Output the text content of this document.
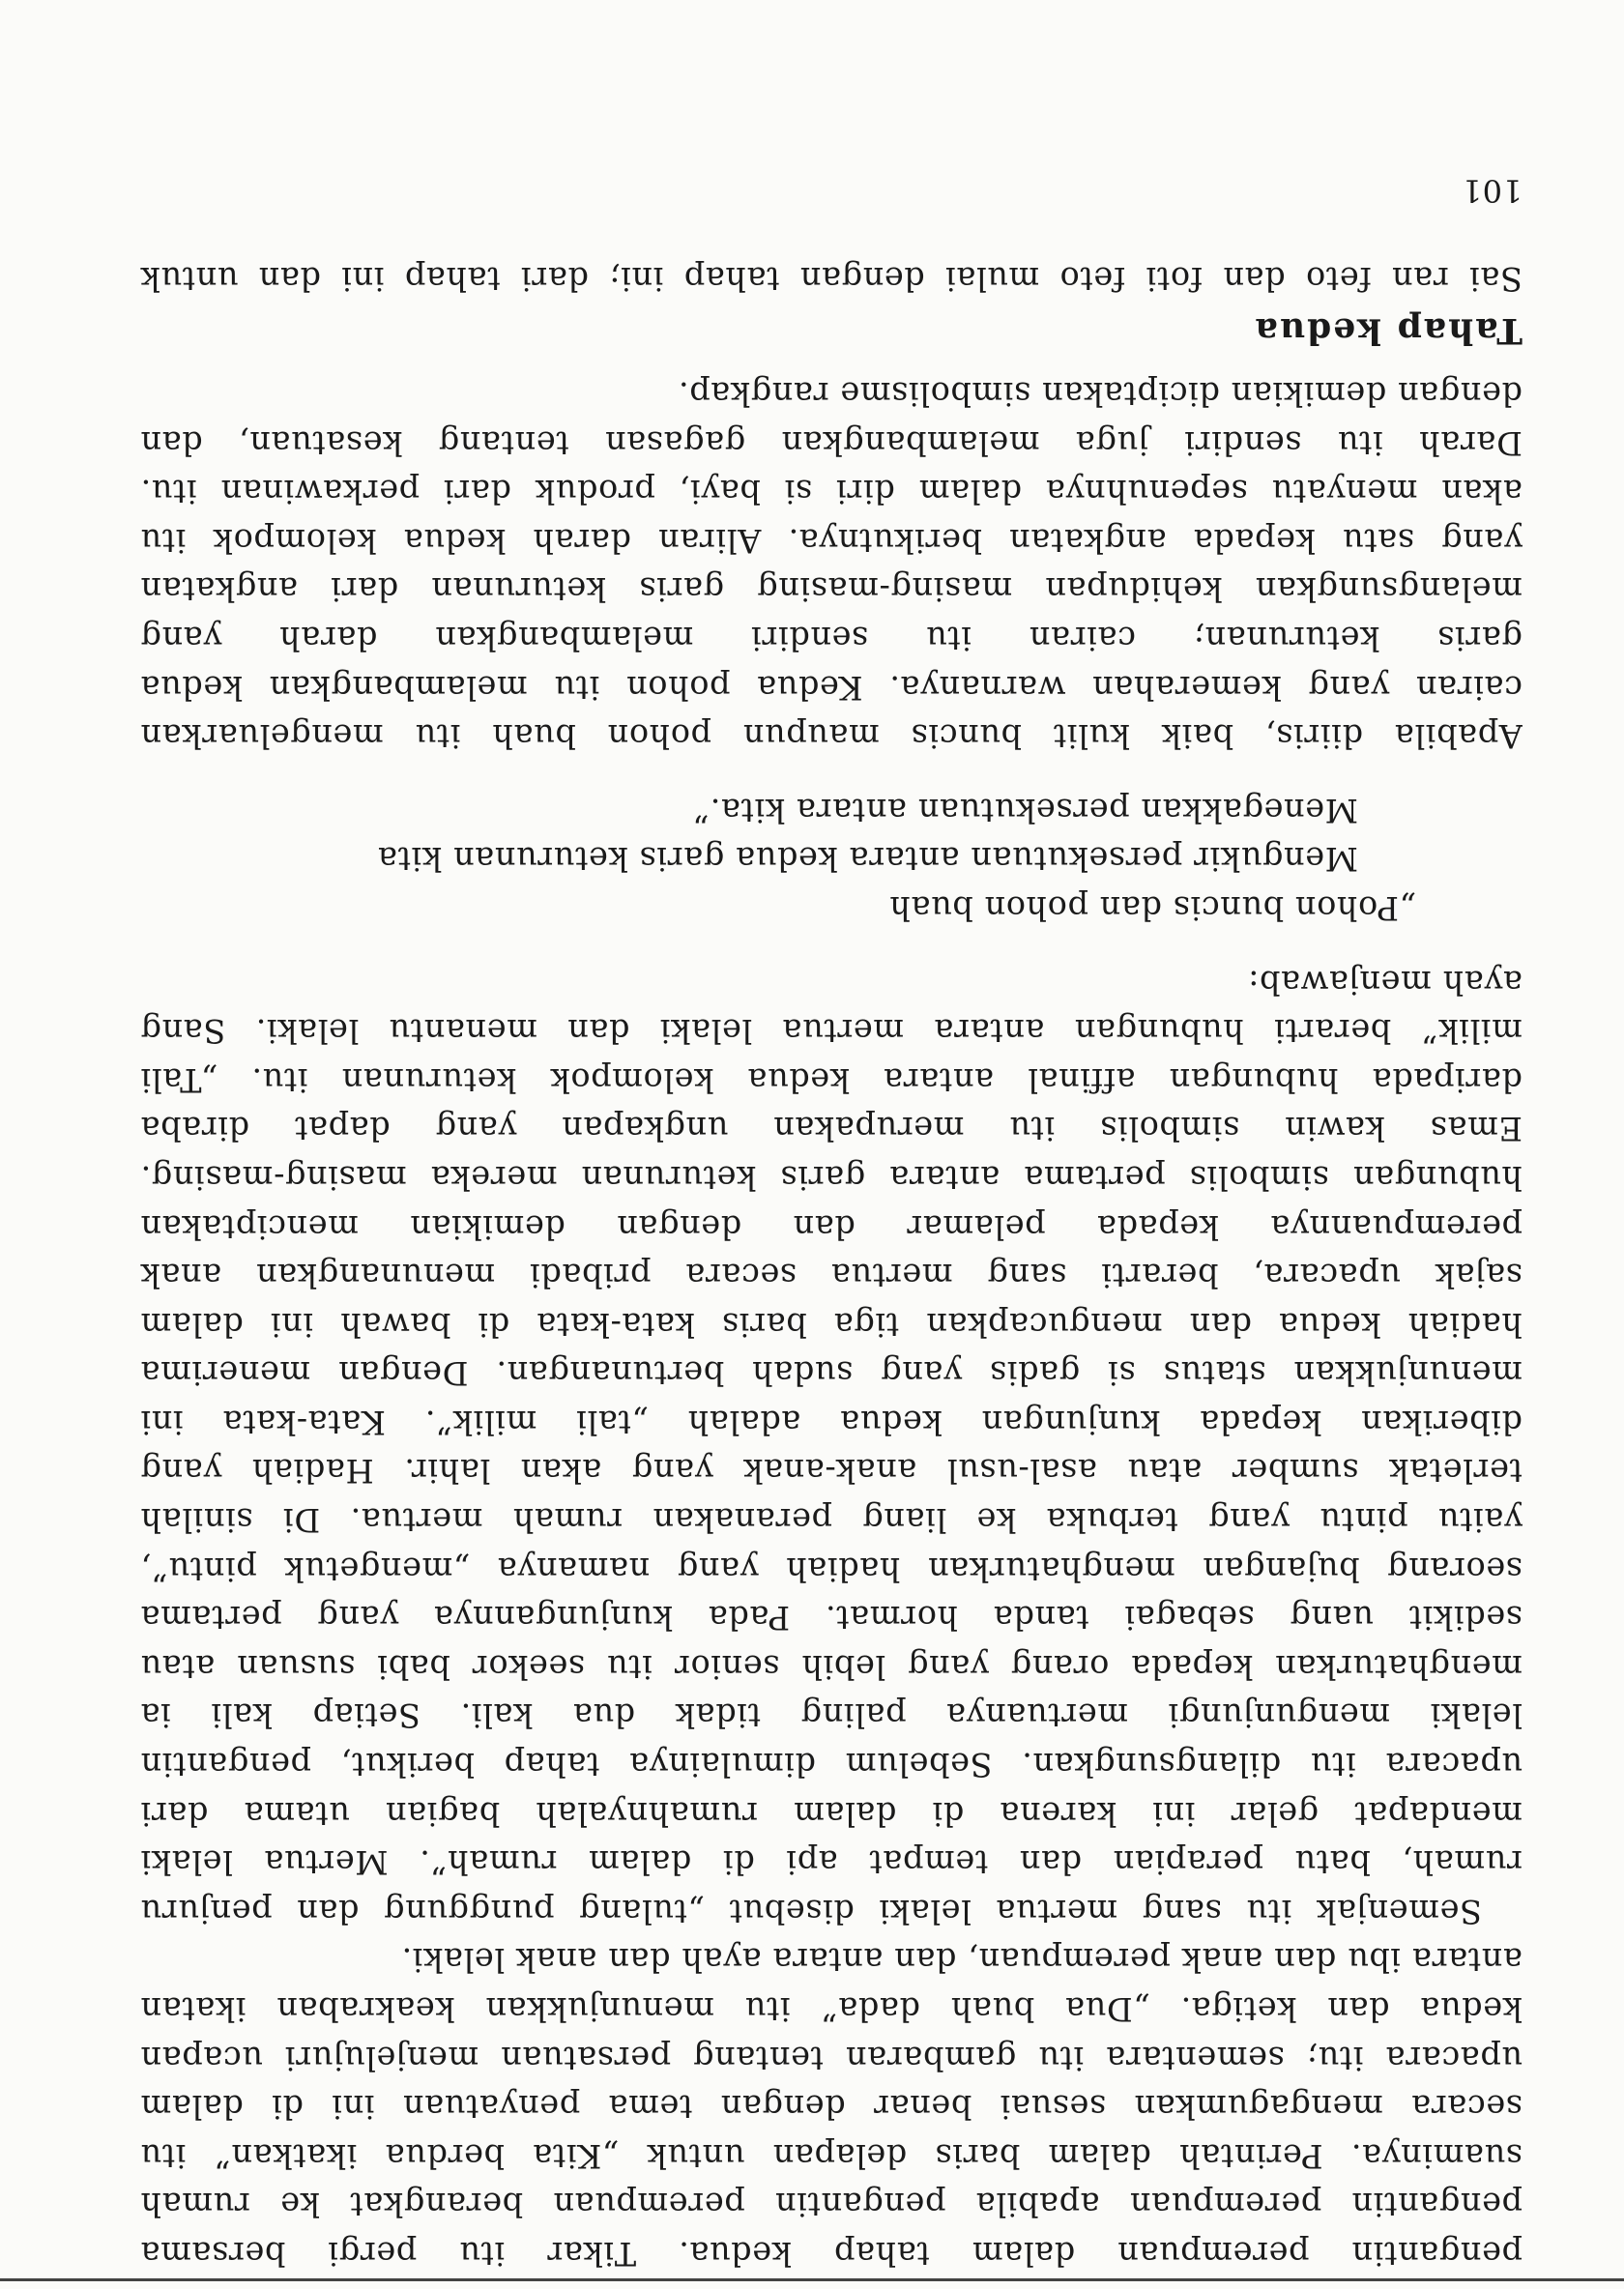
pengantin perempuan dalam tahap kedua. Tikar itu pergi bersama
pengantin perempuan apabila pengantin perempuan berangkat ke rumah
suaminya. Perintah dalam baris delapan untuk „Kita berdua ikatkan” itu
secara mengagumkan sesuai benar dengan tema penyatuan ini di dalam
upacara itu; sementara itu gambaran tentang persatuan menjelujuri ucapan
kedua dan ketiga. „Dua buah dada” itu menunjukkan keakraban ikatan
antara ibu dan anak perempuan, dan antara ayah dan anak lelaki.
Semenjak itu sang mertua lelaki disebut „tulang punggung dan penjuru
rumah, batu perapian dan tempat api di dalam rumah”. Mertua lelaki
mendapat gelar ini karena di dalam rumahnyalah bagian utama dari
upacara itu dilangsungkan. Sebelum dimulainya tahap berikut, pengantin
lelaki mengunjungi mertuanya paling tidak dua kali. Setiap kali ia
menghaturkan kepada orang yang lebih senior itu seekor babi susuan atau
sedikit uang sebagai tanda hormat. Pada kunjungannya yang pertama
seorang bujangan menghaturkan hadiah yang namanya „mengetuk pintu”,
yaitu pintu yang terbuka ke liang peranakan rumah mertua. Di sinilah
terletak sumber atau asal-usul anak-anak yang akan lahir. Hadiah yang
diberikan kepada kunjungan kedua adalah „tali milik”. Kata-kata ini
menunjukkan status si gadis yang sudah bertunangan. Dengan menerima
hadiah kedua dan mengucapkan tiga baris kata-kata di bawah ini dalam
sajak upacara, berarti sang mertua secara pribadi menunangkan anak
perempuannya kepada pelamar dan dengan demikian menciptakan
hubungan simbolis pertama antara garis keturunan mereka masing-masing.
Emas kawin simbolis itu merupakan ungkapan yang dapat diraba
daripada hubungan affinal antara kedua kelompok keturunan itu. „Tali
milik” berarti hubungan antara mertua lelaki dan menantu lelaki. Sang
ayah menjawab:
„Pohon buncis dan pohon buah
Mengukir persekutuan antara kedua garis keturunan kita
Menegakkan persekutuan antara kita.”
Apabila diiris, baik kulit buncis maupun pohon buah itu mengeluarkan
cairan yang kemerahan warnanya. Kedua pohon itu melambangkan kedua
garis keturunan; cairan itu sendiri melambangkan darah yang
melangsungkan kehidupan masing-masing garis keturunan dari angkatan
yang satu kepada angkatan berikutnya. Aliran darah kedua kelompok itu
akan menyatu sepenuhnya dalam diri si bayi, produk dari perkawinan itu.
Darah itu sendiri juga melambangkan gagasan tentang kesatuan, dan
dengan demikian diciptakan simbolisme rangkap.
Tahap kedua
Sai ran feto dan foti feto mulai dengan tahap ini; dari tahap ini dan untuk
101
